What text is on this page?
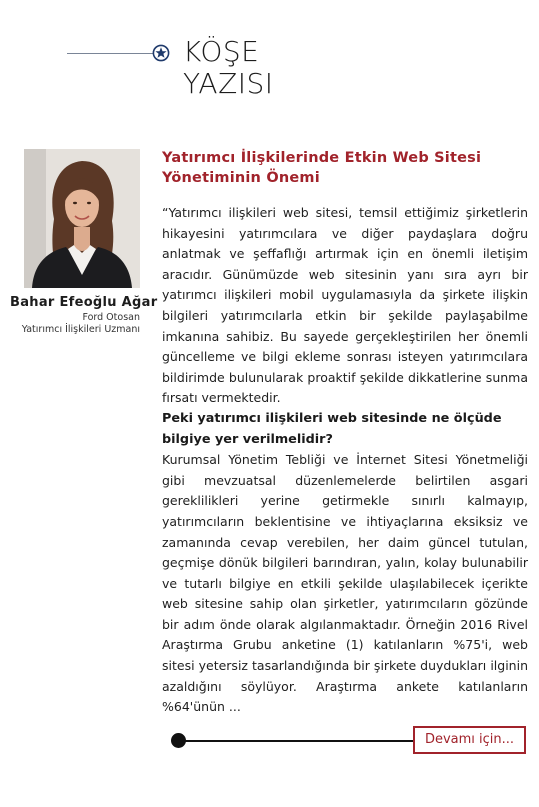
KÖŞE
YAZISI
Bahar Efeoğlu Ağar
Ford Otosan
Yatırımcı İlişkileri Uzmanı
Yatırımcı İlişkilerinde Etkin Web Sitesi Yönetiminin Önemi

“Yatırımcı ilişkileri web sitesi, temsil ettiğimiz şirketlerin hikayesini yatırımcılara ve diğer paydaşlara doğru anlatmak ve şeffaflığı artırmak için en önemli iletişim aracıdır. Günümüzde web sitesinin yanı sıra ayrı bir yatırımcı ilişkileri mobil uygulamasıyla da şirkete ilişkin bilgileri yatırımcılarla etkin bir şekilde paylaşabilme imkanına sahibiz. Bu sayede gerçekleştirilen her önemli güncelleme ve bilgi ekleme sonrası isteyen yatırımcılara bildirimde bulunularak proaktif şekilde dikkatlerine sunma fırsatı vermektedir.

Peki yatırımcı ilişkileri web sitesinde ne ölçüde bilgiye yer verilmelidir?

Kurumsal Yönetim Tebliği ve İnternet Sitesi Yönetmeliği gibi mevzuatsal düzenlemelerde belirtilen asgari gereklilikleri yerine getirmekle sınırlı kalmayıp, yatırımcıların beklentisine ve ihtiyaçlarına eksiksiz ve zamanında cevap verebilen, her daim güncel tutulan, geçmişe dönük bilgileri barındıran, yalın, kolay bulunabilir ve tutarlı bilgiye en etkili şekilde ulaşılabilecek içerikte web sitesine sahip olan şirketler, yatırımcıların gözünde bir adım önde olarak algılanmaktadır. Örneğin 2016 Rivel Araştırma Grubu anketine (1) katılanların %75'i, web sitesi yetersiz tasarlandığında bir şirkete duydukları ilginin azaldığını söylüyor. Araştırma ankete katılanların %64'ünün ...

Devamı için...
